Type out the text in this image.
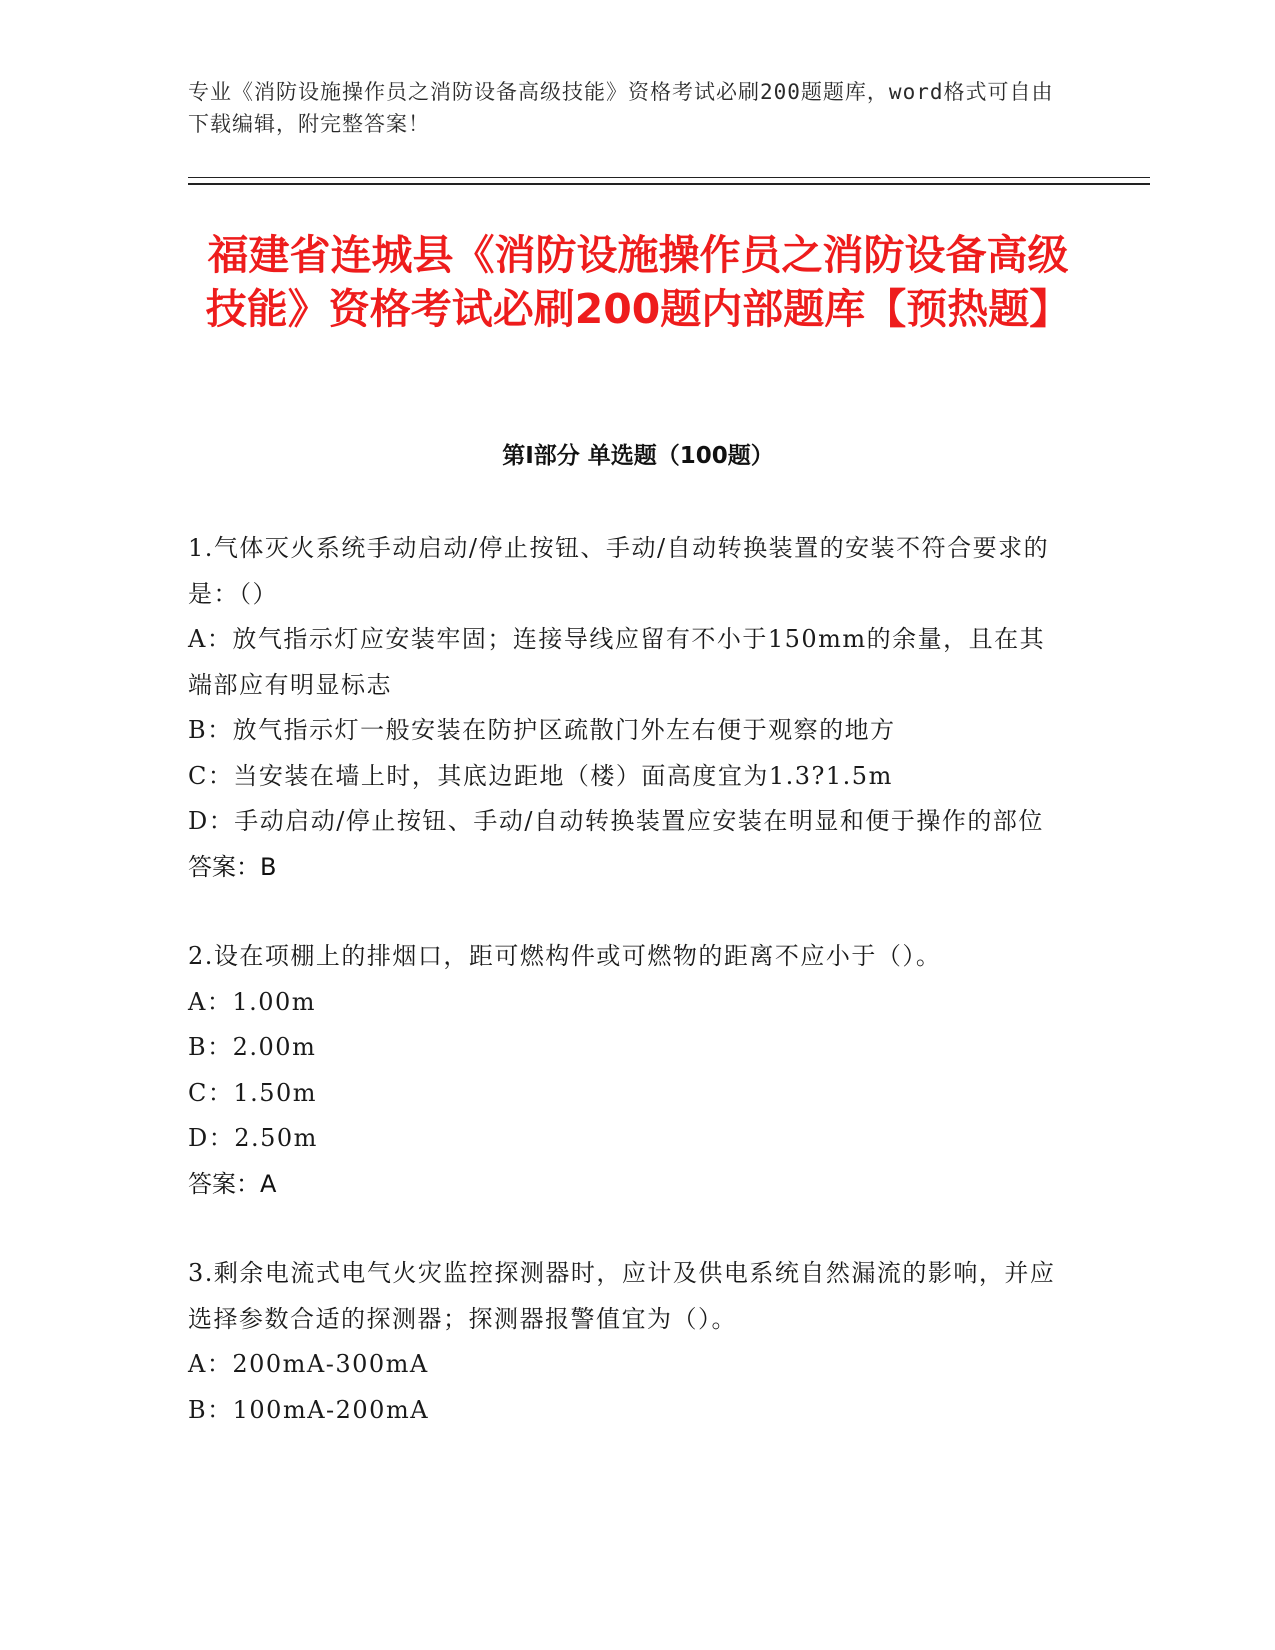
专业《消防设施操作员之消防设备高级技能》资格考试必刷200题题库，word格式可自由下载编辑，附完整答案！
福建省连城县《消防设施操作员之消防设备高级技能》资格考试必刷200题内部题库【预热题】
第I部分 单选题（100题）

1.气体灭火系统手动启动/停止按钮、手动/自动转换装置的安装不符合要求的是：（）

A：放气指示灯应安装牢固；连接导线应留有不小于150mm的余量，且在其端部应有明显标志

B：放气指示灯一般安装在防护区疏散门外左右便于观察的地方

C：当安装在墙上时，其底边距地（楼）面高度宜为1.3?1.5m

D：手动启动/停止按钮、手动/自动转换装置应安装在明显和便于操作的部位

答案：B

2.设在项棚上的排烟口，距可燃构件或可燃物的距离不应小于（）。

A：1.00m

B：2.00m

C：1.50m

D：2.50m

答案：A

3.剩余电流式电气火灾监控探测器时，应计及供电系统自然漏流的影响，并应选择参数合适的探测器；探测器报警值宜为（）。

A：200mA-300mA

B：100mA-200mA
